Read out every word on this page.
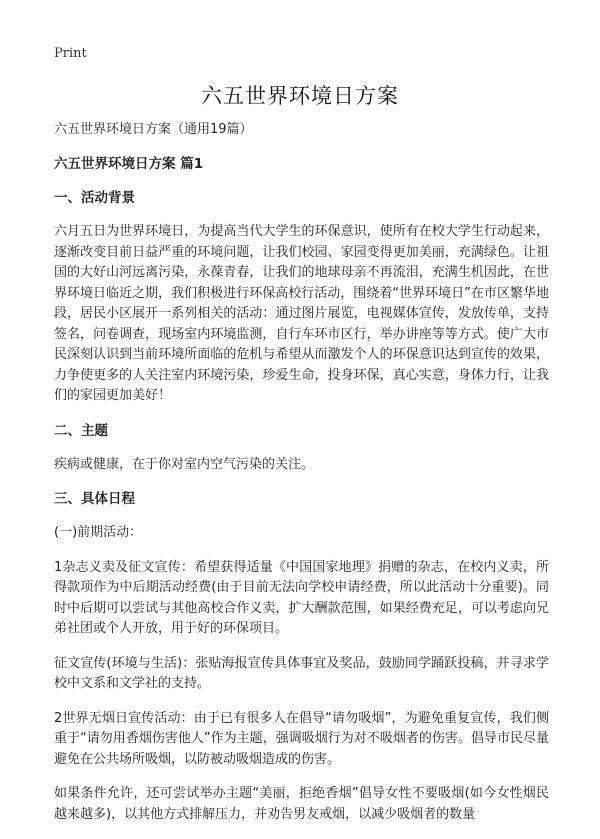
Print
六五世界环境日方案

六五世界环境日方案（通用19篇）

六五世界环境日方案 篇1

一、活动背景

六月五日为世界环境日，为提高当代大学生的环保意识，使所有在校大学生行动起来，逐渐改变目前日益严重的环境问题，让我们校园、家园变得更加美丽，充满绿色。让祖国的大好山河远离污染，永葆青春，让我们的地球母亲不再流泪，充满生机因此，在世界环境日临近之期，我们积极进行环保高校行活动，围绕着“世界环境日”在市区繁华地段，居民小区展开一系列相关的活动：通过图片展览，电视媒体宣传，发放传单，支持签名，问卷调查，现场室内环境监测，自行车环市区行，举办讲座等等方式。使广大市民深刻认识到当前环境所面临的危机与希望从而激发个人的环保意识达到宣传的效果，力争使更多的人关注室内环境污染，珍爱生命，投身环保，真心实意，身体力行，让我们的家园更加美好！

二、主题

疾病或健康，在于你对室内空气污染的关注。

三、具体日程

(一)前期活动：

1杂志义卖及征文宣传：希望获得适量《中国国家地理》捐赠的杂志，在校内义卖，所得款项作为中后期活动经费(由于目前无法向学校申请经费，所以此活动十分重要)。同时中后期可以尝试与其他高校合作义卖，扩大酬款范围，如果经费充足，可以考虑向兄弟社团或个人开放，用于好的环保项目。

征文宣传(环境与生活)：张贴海报宣传具体事宜及奖品，鼓励同学踊跃投稿，并寻求学校中文系和文学社的支持。

2世界无烟日宣传活动：由于已有很多人在倡导“请勿吸烟”，为避免重复宣传，我们侧重于“请勿用香烟伤害他人”作为主题，强调吸烟行为对不吸烟者的伤害。倡导市民尽量避免在公共场所吸烟，以防被动吸烟造成的伤害。

如果条件允许，还可尝试举办主题“美丽，拒绝香烟”倡导女性不要吸烟(如今女性烟民越来越多)，以其他方式排解压力，并劝告男友戒烟，以减少吸烟者的数量
